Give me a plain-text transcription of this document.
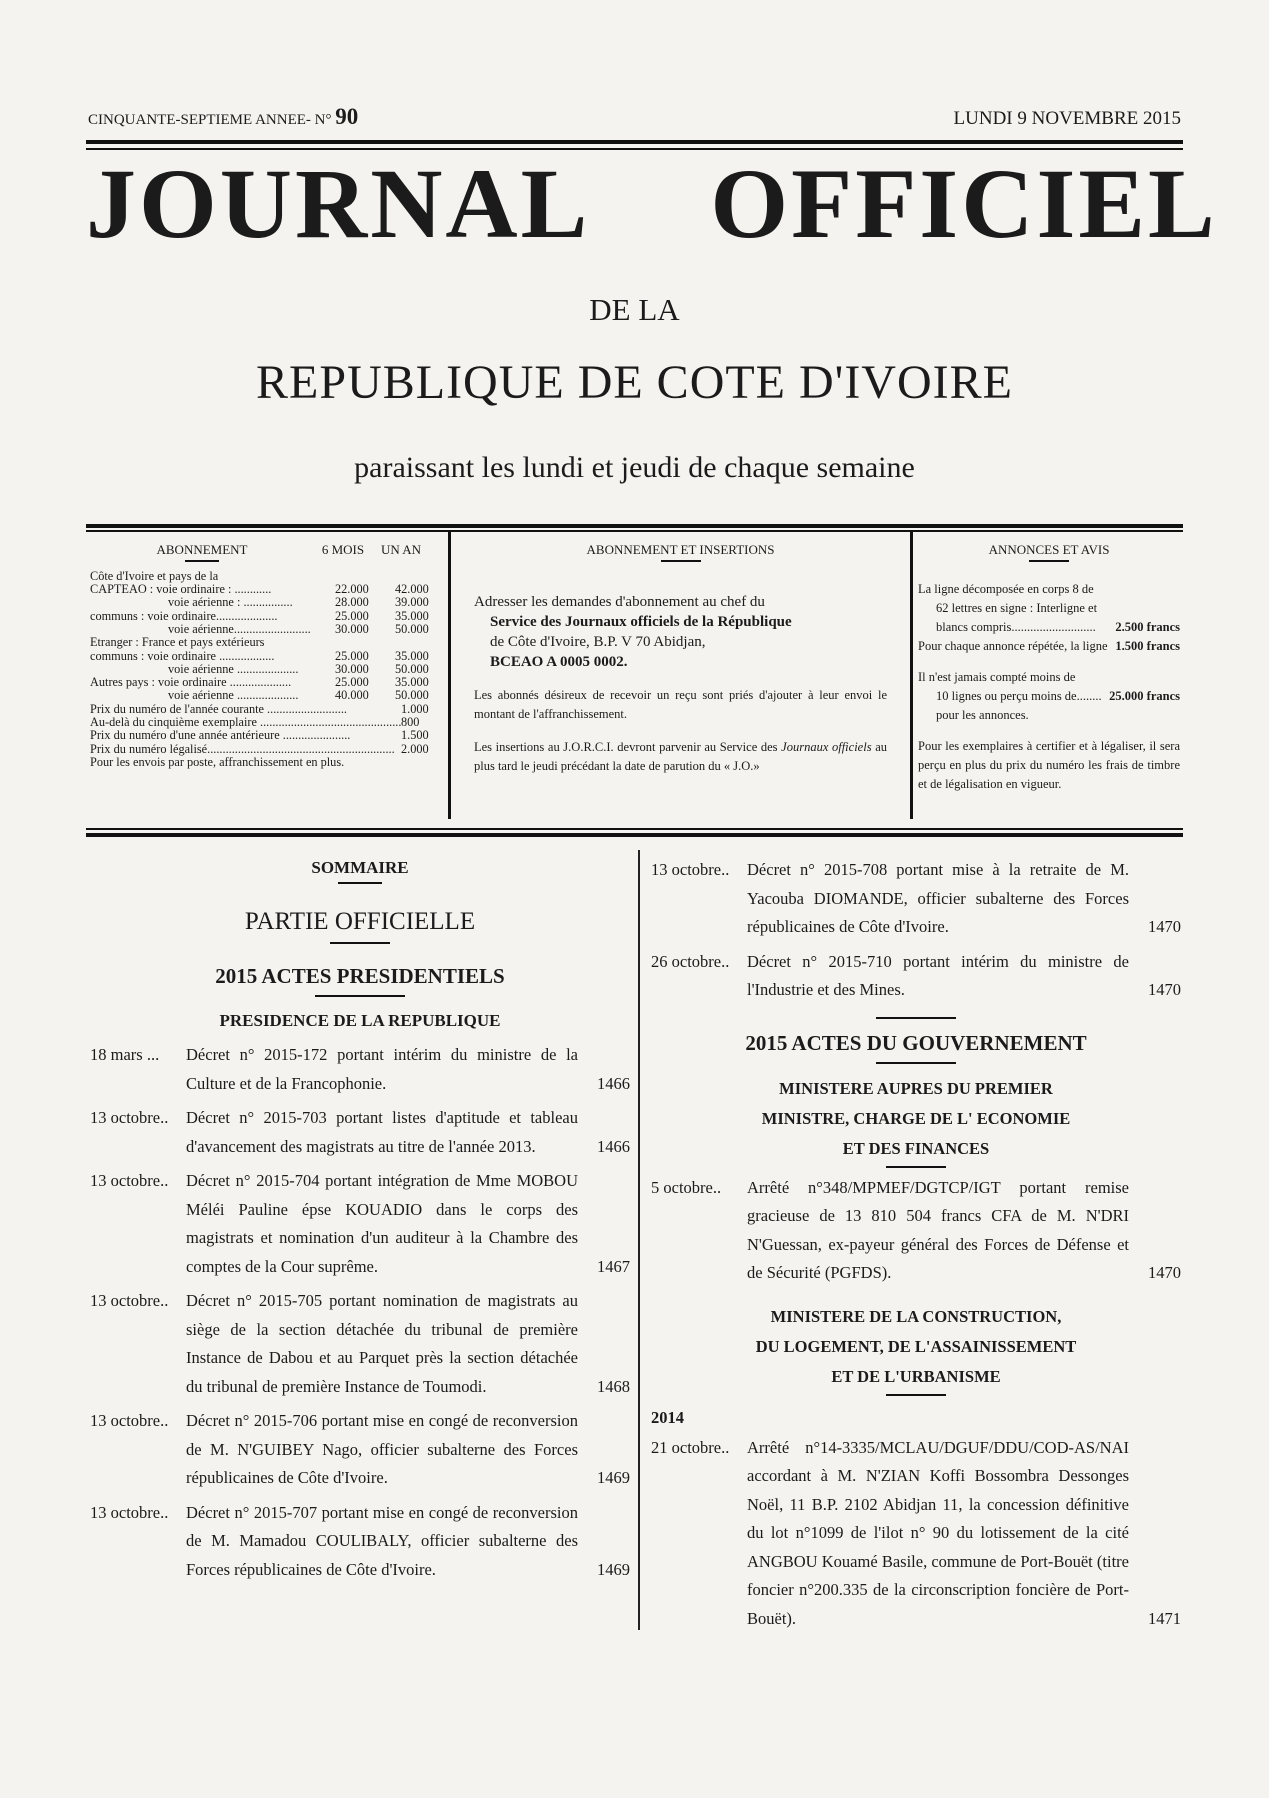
CINQUANTE-SEPTIEME ANNEE- N° 90	LUNDI 9 NOVEMBRE 2015
JOURNAL OFFICIEL
DE LA
REPUBLIQUE DE COTE D'IVOIRE
paraissant les lundi et jeudi de chaque semaine
ABONNEMENT	6 MOIS	UN AN
Côte d'Ivoire et pays de la
CAPTEAO : voie ordinaire : ............	22.000	42.000
voie aérienne : ................	28.000	39.000
communs : voie ordinaire....................	25.000	35.000
voie aérienne.........................	30.000	50.000
Etranger : France et pays extérieurs
communs : voie ordinaire ..................	25.000	35.000
voie aérienne ....................	30.000	50.000
Autres pays : voie ordinaire ....................	25.000	35.000
voie aérienne ....................	40.000	50.000
Prix du numéro de l'année courante ..........................	1.000
Au-delà du cinquième exemplaire .............................................. 800
Prix du numéro d'une année antérieure ......................	1.500
Prix du numéro légalisé............................................................. 2.000
Pour les envois par poste, affranchissement en plus.
ABONNEMENT ET INSERTIONS

Adresser les demandes d'abonnement au chef du
Service des Journaux officiels de la République
de Côte d'Ivoire, B.P. V 70 Abidjan,
BCEAO A 0005 0002.

Les abonnés désireux de recevoir un reçu sont priés d'ajouter à leur envoi le montant de l'affranchissement.

Les insertions au J.O.R.C.I. devront parvenir au Service des Journaux officiels au plus tard le jeudi précédant la date de parution du « J.O.»

ANNONCES ET AVIS
La ligne décomposée en corps 8 de
62 lettres en signe : Interligne et
blancs compris........................... 2.500 francs
Pour chaque annonce répétée, la ligne 1.500 francs
Il n'est jamais compté moins de
10 lignes ou perçu moins de........ 25.000 francs
pour les annonces.
Pour les exemplaires à certifier et à légaliser, il sera perçu en plus du prix du numéro les frais de timbre et de légalisation en vigueur.
SOMMAIRE
PARTIE OFFICIELLE
2015 ACTES PRESIDENTIELS
PRESIDENCE DE LA REPUBLIQUE
18 mars ...	Décret n° 2015-172 portant intérim du ministre de la Culture et de la Francophonie.	1466
13 octobre..	Décret n° 2015-703 portant listes d'aptitude et tableau d'avancement des magistrats au titre de l'année 2013.	1466
13 octobre..	Décret n° 2015-704 portant intégration de Mme MOBOU Méléi Pauline épse KOUADIO dans le corps des magistrats et nomination d'un auditeur à la Chambre des comptes de la Cour suprême.	1467
13 octobre..	Décret n° 2015-705 portant nomination de magistrats au siège de la section détachée du tribunal de première Instance de Dabou et au Parquet près la section détachée du tribunal de première Instance de Toumodi.	1468
13 octobre..	Décret n° 2015-706 portant mise en congé de reconversion de M. N'GUIBEY Nago, officier subalterne des Forces républicaines de Côte d'Ivoire.	1469
13 octobre..	Décret n° 2015-707 portant mise en congé de reconversion de M. Mamadou COULIBALY, officier subalterne des Forces républicaines de Côte d'Ivoire.	1469
13 octobre..	Décret n° 2015-708 portant mise à la retraite de M. Yacouba DIOMANDE, officier subalterne des Forces républicaines de Côte d'Ivoire.	1470
26 octobre..	Décret n° 2015-710 portant intérim du ministre de l'Industrie et des Mines.	1470
2015 ACTES DU GOUVERNEMENT
MINISTERE AUPRES DU PREMIER
MINISTRE, CHARGE DE L' ECONOMIE
ET DES FINANCES
5 octobre..	Arrêté n°348/MPMEF/DGTCP/IGT portant remise gracieuse de 13 810 504 francs CFA de M. N'DRI N'Guessan, ex-payeur général des Forces de Défense et de Sécurité (PGFDS).	1470
MINISTERE DE LA CONSTRUCTION,
DU LOGEMENT, DE L'ASSAINISSEMENT
ET DE L'URBANISME
2014
21 octobre..	Arrêté n°14-3335/MCLAU/DGUF/DDU/COD-AS/NAI accordant à M. N'ZIAN Koffi Bossombra Dessonges Noël, 11 B.P. 2102 Abidjan 11, la concession définitive du lot n°1099 de l'ilot n° 90 du lotissement de la cité ANGBOU Kouamé Basile, commune de Port-Bouët (titre foncier n°200.335 de la circonscription foncière de Port-Bouët).	1471
